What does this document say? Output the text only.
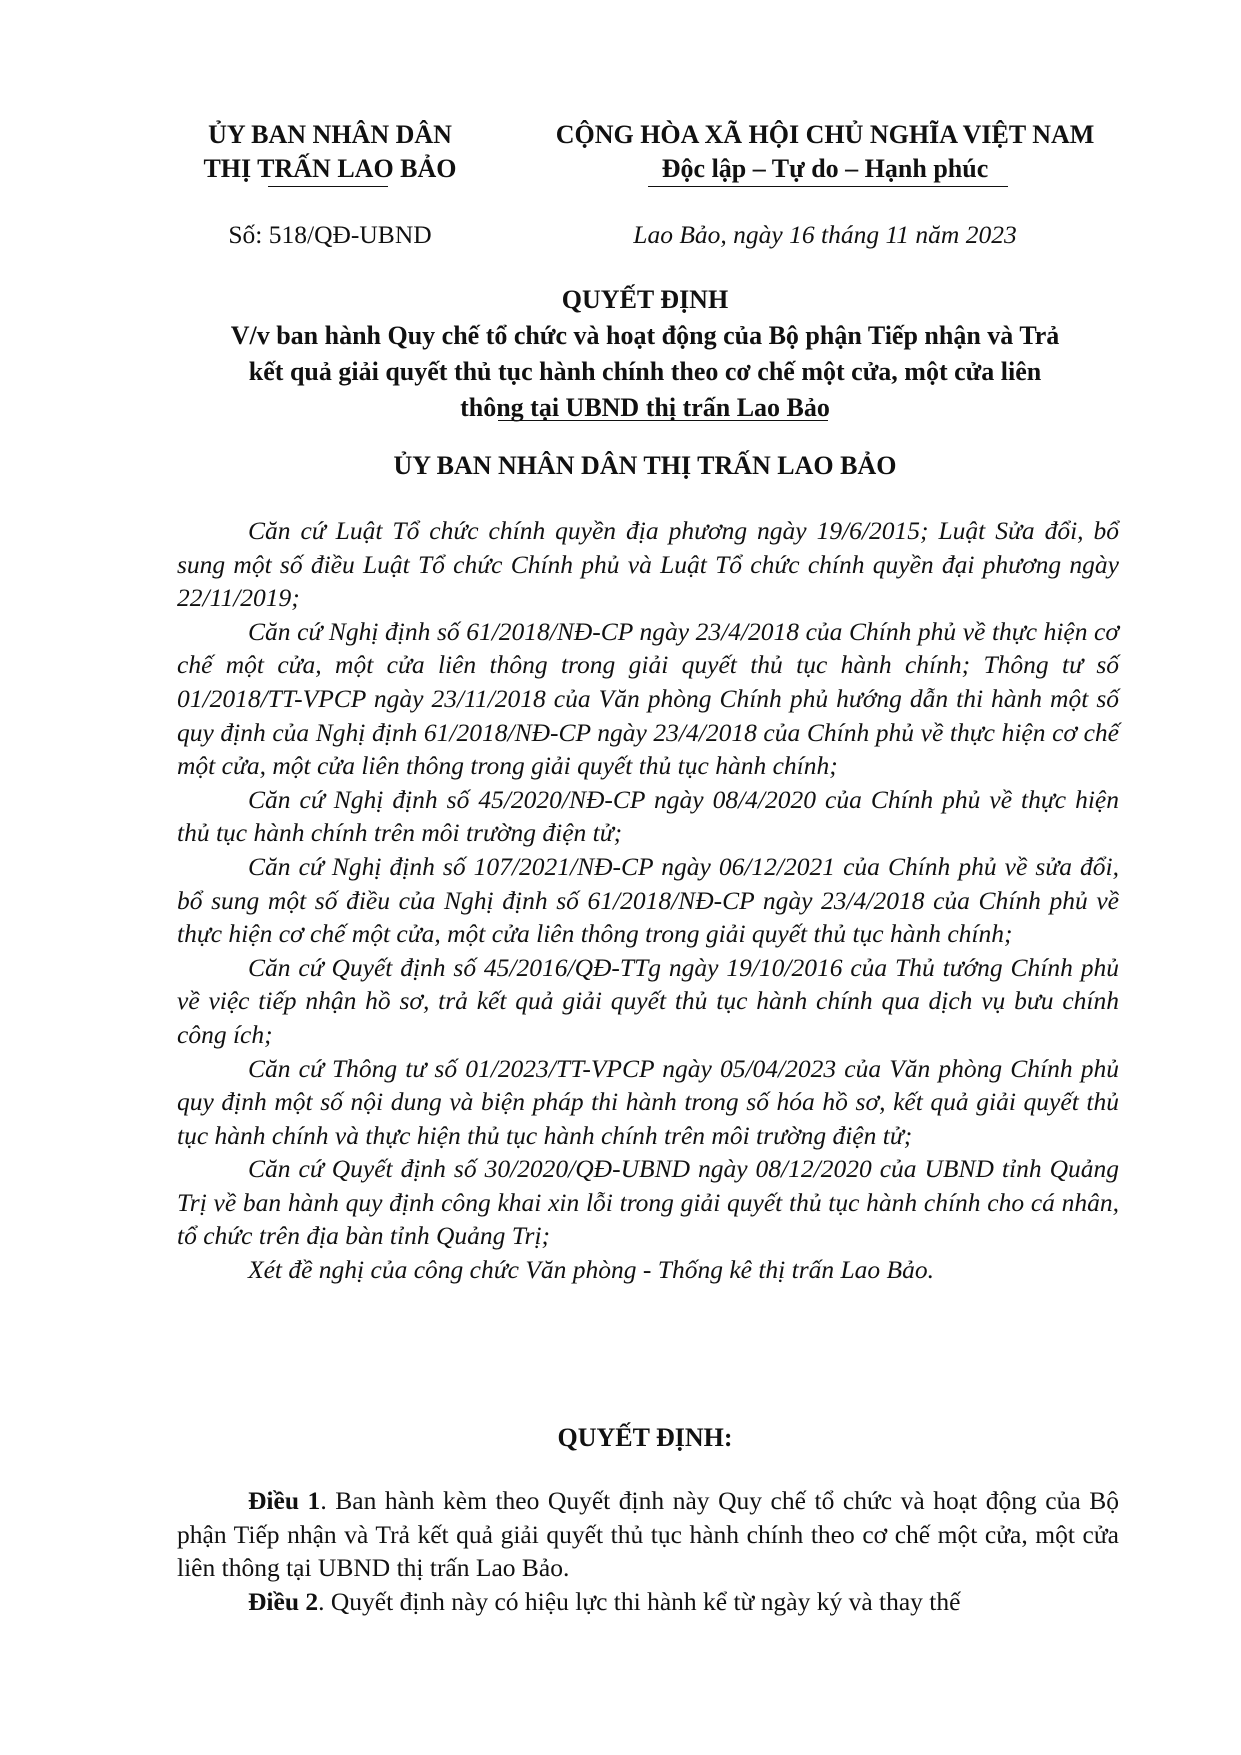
ỦY BAN NHÂN DÂN
THỊ TRẤN LAO BẢO
CỘNG HÒA XÃ HỘI CHỦ NGHĨA VIỆT NAM
Độc lập – Tự do – Hạnh phúc
Số: 518/QĐ-UBND	Lao Bảo, ngày 16 tháng 11 năm 2023
QUYẾT ĐỊNH
V/v ban hành Quy chế tổ chức và hoạt động của Bộ phận Tiếp nhận và Trả
kết quả giải quyết thủ tục hành chính theo cơ chế một cửa, một cửa liên
thông tại UBND thị trấn Lao Bảo
ỦY BAN NHÂN DÂN THỊ TRẤN LAO BẢO

Căn cứ Luật Tổ chức chính quyền địa phương ngày 19/6/2015; Luật Sửa đổi, bổ sung một số điều Luật Tổ chức Chính phủ và Luật Tổ chức chính quyền đại phương ngày 22/11/2019;

Căn cứ Nghị định số 61/2018/NĐ-CP ngày 23/4/2018 của Chính phủ về thực hiện cơ chế một cửa, một cửa liên thông trong giải quyết thủ tục hành chính; Thông tư số 01/2018/TT-VPCP ngày 23/11/2018 của Văn phòng Chính phủ hướng dẫn thi hành một số quy định của Nghị định 61/2018/NĐ-CP ngày 23/4/2018 của Chính phủ về thực hiện cơ chế một cửa, một cửa liên thông trong giải quyết thủ tục hành chính;

Căn cứ Nghị định số 45/2020/NĐ-CP ngày 08/4/2020 của Chính phủ về thực hiện thủ tục hành chính trên môi trường điện tử;

Căn cứ Nghị định số 107/2021/NĐ-CP ngày 06/12/2021 của Chính phủ về sửa đổi, bổ sung một số điều của Nghị định số 61/2018/NĐ-CP ngày 23/4/2018 của Chính phủ về thực hiện cơ chế một cửa, một cửa liên thông trong giải quyết thủ tục hành chính;

Căn cứ Quyết định số 45/2016/QĐ-TTg ngày 19/10/2016 của Thủ tướng Chính phủ về việc tiếp nhận hồ sơ, trả kết quả giải quyết thủ tục hành chính qua dịch vụ bưu chính công ích;

Căn cứ Thông tư số 01/2023/TT-VPCP ngày 05/04/2023 của Văn phòng Chính phủ quy định một số nội dung và biện pháp thi hành trong số hóa hồ sơ, kết quả giải quyết thủ tục hành chính và thực hiện thủ tục hành chính trên môi trường điện tử;

Căn cứ Quyết định số 30/2020/QĐ-UBND ngày 08/12/2020 của UBND tỉnh Quảng Trị về ban hành quy định công khai xin lỗi trong giải quyết thủ tục hành chính cho cá nhân, tổ chức trên địa bàn tỉnh Quảng Trị;

Xét đề nghị của công chức Văn phòng - Thống kê thị trấn Lao Bảo.

QUYẾT ĐỊNH:

Điều 1. Ban hành kèm theo Quyết định này Quy chế tổ chức và hoạt động của Bộ phận Tiếp nhận và Trả kết quả giải quyết thủ tục hành chính theo cơ chế một cửa, một cửa liên thông tại UBND thị trấn Lao Bảo.

Điều 2. Quyết định này có hiệu lực thi hành kể từ ngày ký và thay thế
